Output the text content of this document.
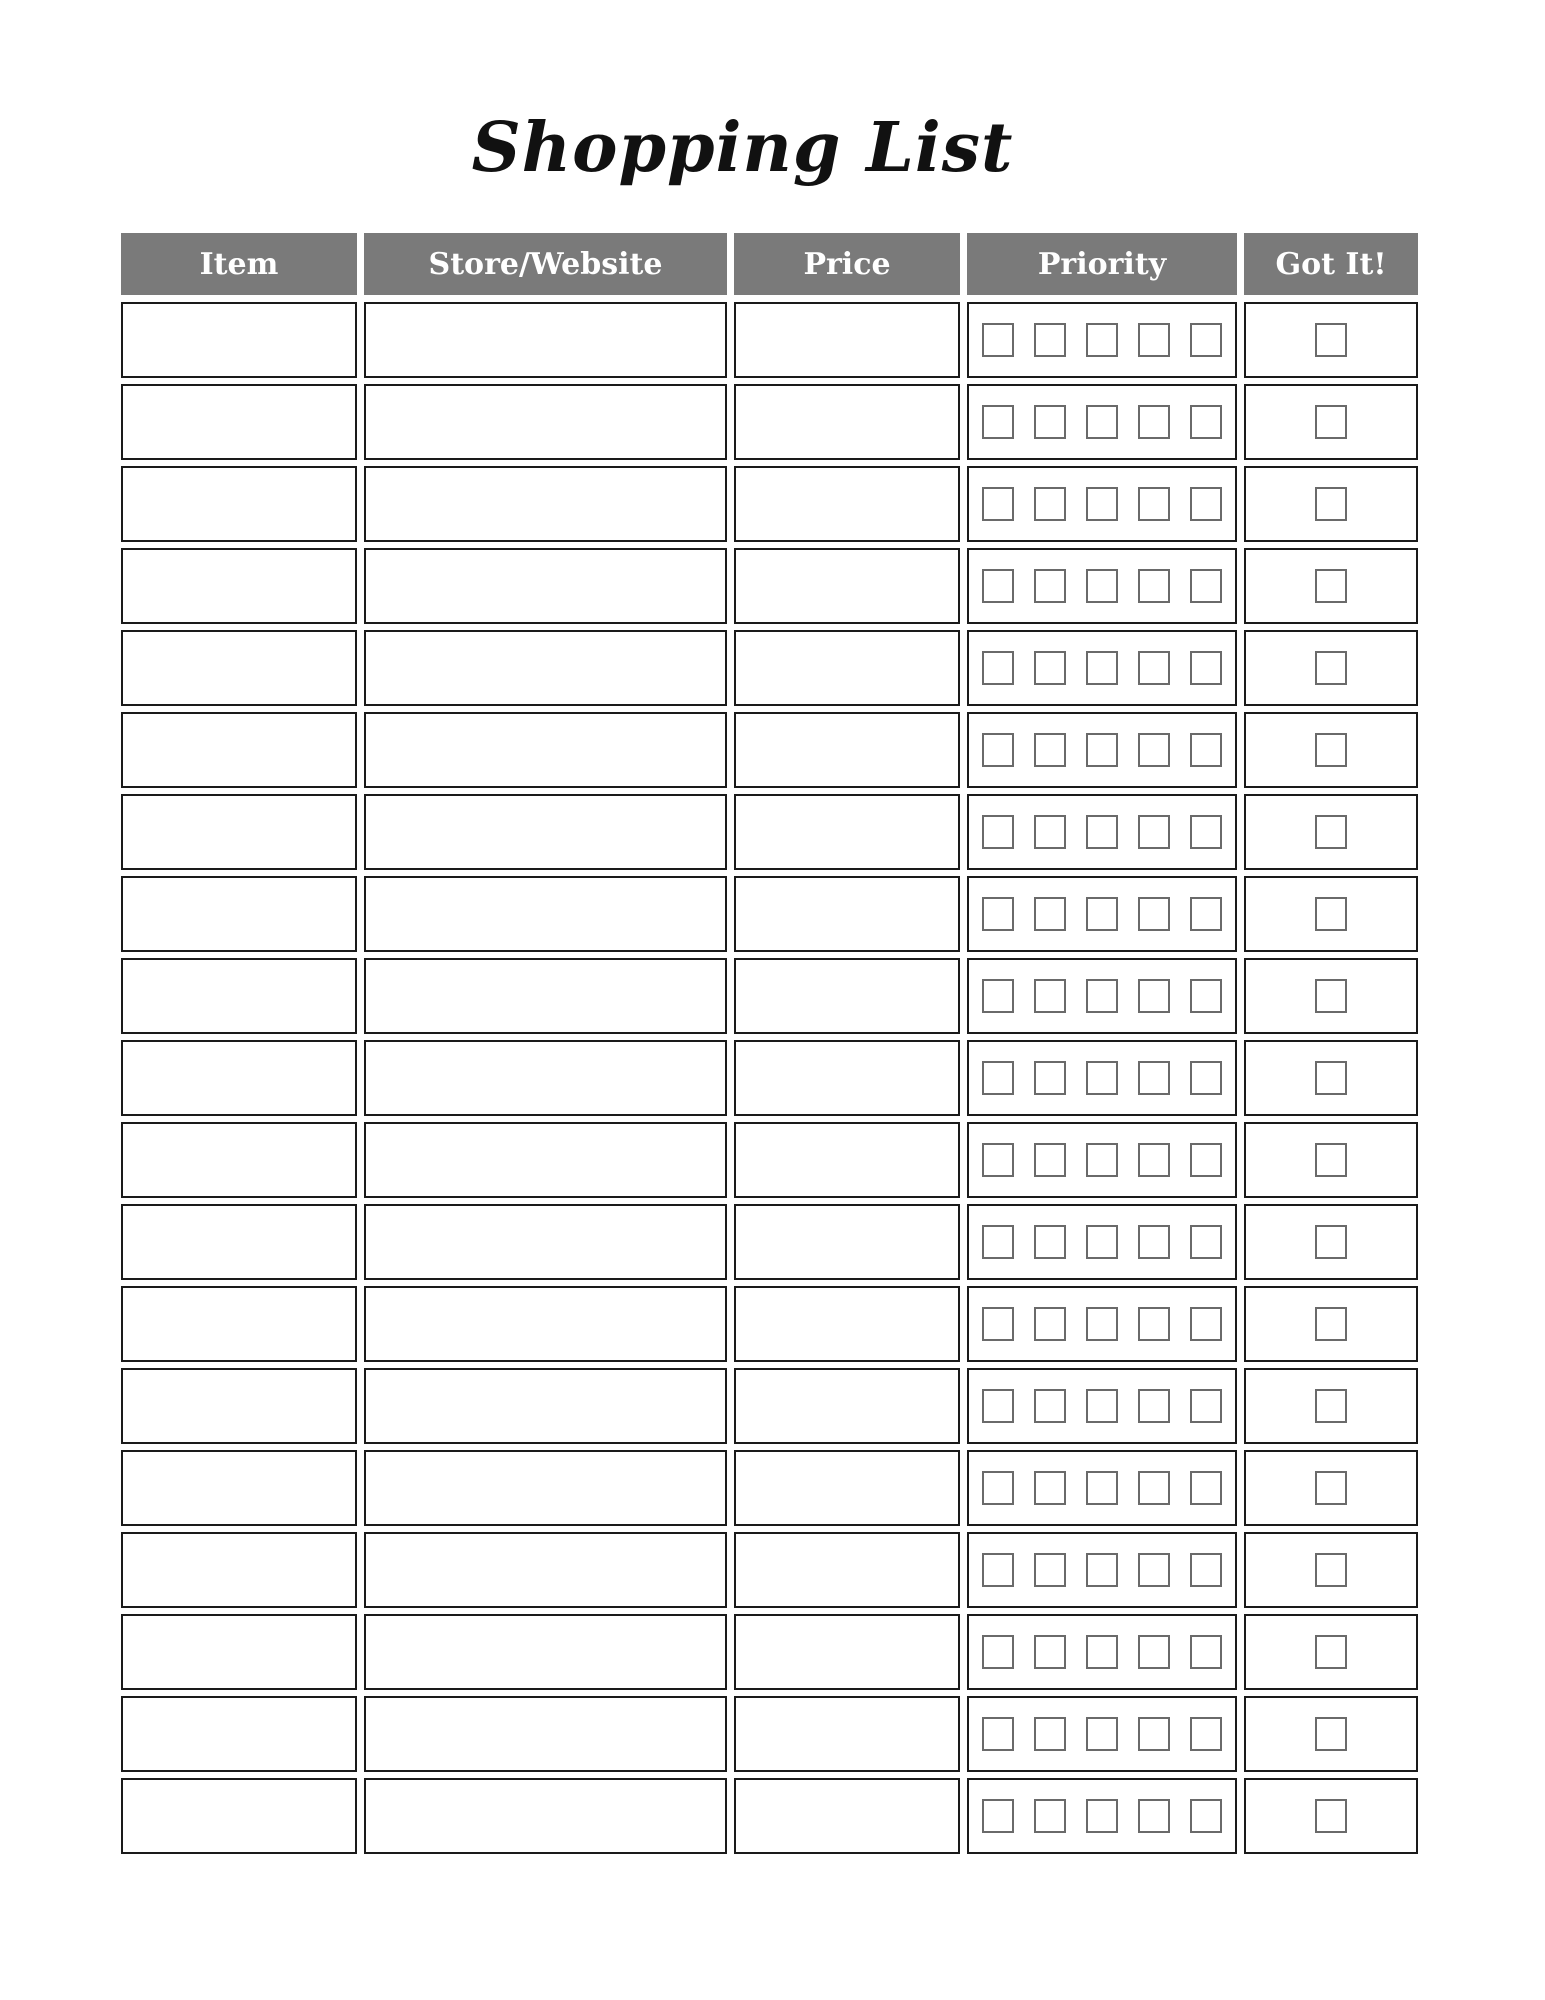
Shopping List
Item	Store/Website	Price	Priority	Got It!
